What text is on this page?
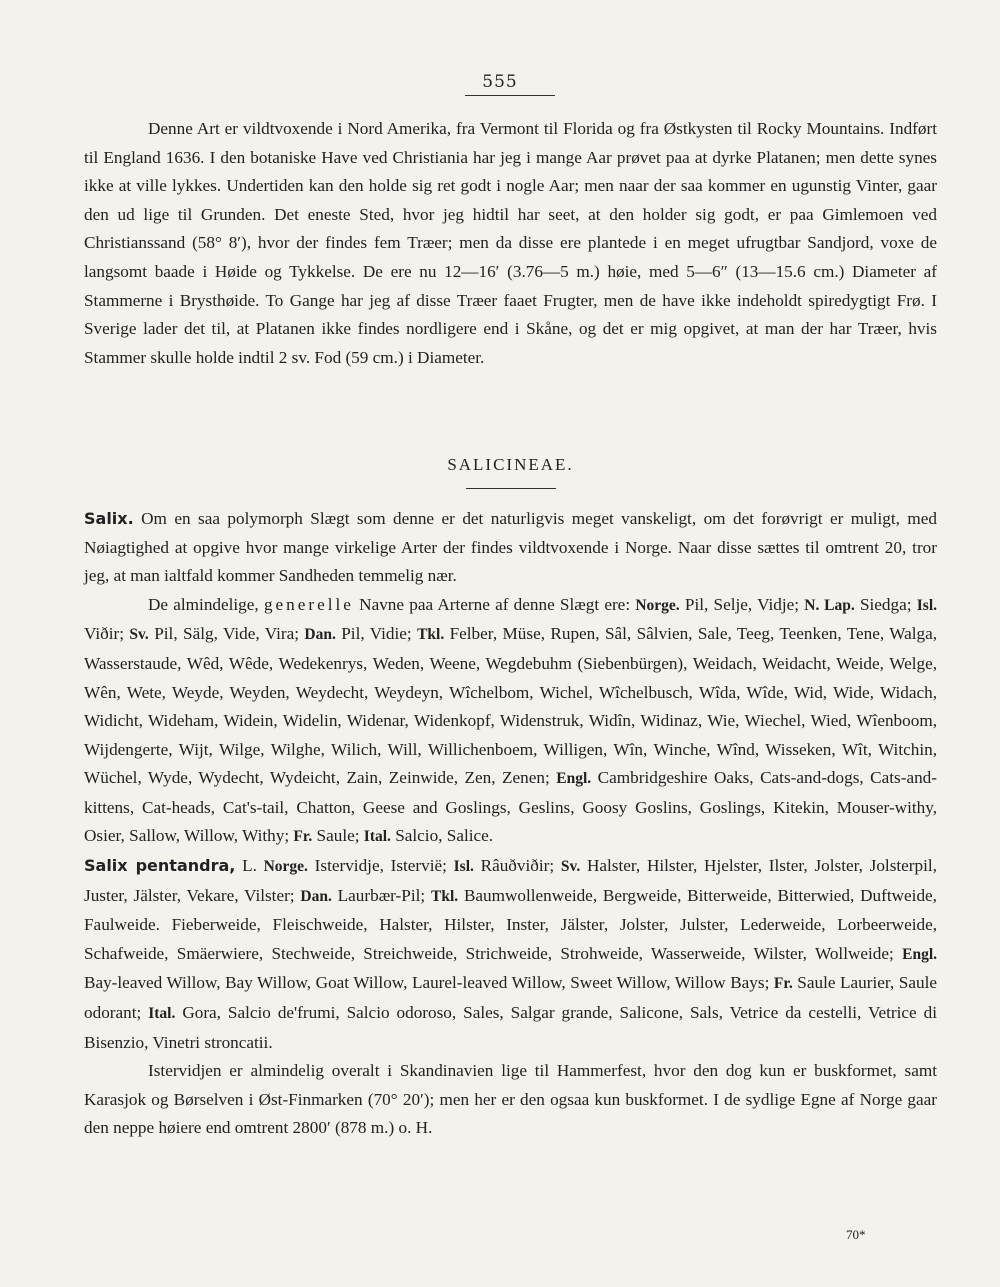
555

Denne Art er vildtvoxende i Nord Amerika, fra Vermont til Florida og fra Østkysten til Rocky Mountains. Indført til England 1636. I den botaniske Have ved Christiania har jeg i mange Aar prøvet paa at dyrke Platanen; men dette synes ikke at ville lykkes. Undertiden kan den holde sig ret godt i nogle Aar; men naar der saa kommer en ugunstig Vinter, gaar den ud lige til Grunden. Det eneste Sted, hvor jeg hidtil har seet, at den holder sig godt, er paa Gimlemoen ved Christianssand (58° 8′), hvor der findes fem Træer; men da disse ere plantede i en meget ufrugtbar Sandjord, voxe de langsomt baade i Høide og Tykkelse. De ere nu 12—16′ (3.76—5 m.) høie, med 5—6″ (13—15.6 cm.) Diameter af Stammerne i Brysthøide. To Gange har jeg af disse Træer faaet Frugter, men de have ikke indeholdt spiredygtigt Frø. I Sverige lader det til, at Platanen ikke findes nordligere end i Skåne, og det er mig opgivet, at man der har Træer, hvis Stammer skulle holde indtil 2 sv. Fod (59 cm.) i Diameter.

SALICINEAE.

Salix. Om en saa polymorph Slægt som denne er det naturligvis meget vanskeligt, om det forøvrigt er muligt, med Nøiagtighed at opgive hvor mange virkelige Arter der findes vildtvoxende i Norge. Naar disse sættes til omtrent 20, tror jeg, at man ialtfald kommer Sandheden temmelig nær.

De almindelige, generelle Navne paa Arterne af denne Slægt ere: Norge. Pil, Selje, Vidje; N. Lap. Siedga; Isl. Viðir; Sv. Pil, Sälg, Vide, Vira; Dan. Pil, Vidie; Tkl. Felber, Müse, Rupen, Sâl, Sâlvien, Sale, Teeg, Teenken, Tene, Walga, Wasserstaude, Wêd, Wêde, Wedekenrys, Weden, Weene, Wegdebuhm (Siebenbürgen), Weidach, Weidacht, Weide, Welge, Wên, Wete, Weyde, Weyden, Weydecht, Weydeyn, Wîchelbom, Wichel, Wîchelbusch, Wîda, Wîde, Wid, Wide, Widach, Widicht, Wideham, Widein, Widelin, Widenar, Widenkopf, Widenstruk, Widîn, Widinaz, Wie, Wiechel, Wied, Wîenboom, Wijdengerte, Wijt, Wilge, Wilghe, Wilich, Will, Willichenboem, Willigen, Wîn, Winche, Wînd, Wisseken, Wît, Witchin, Wüchel, Wyde, Wydecht, Wydeicht, Zain, Zeinwide, Zen, Zenen; Engl. Cambridgeshire Oaks, Cats-and-dogs, Cats-and-kittens, Cat-heads, Cat's-tail, Chatton, Geese and Goslings, Geslins, Goosy Goslins, Goslings, Kitekin, Mouser-withy, Osier, Sallow, Willow, Withy; Fr. Saule; Ital. Salcio, Salice.

Salix pentandra, L. Norge. Istervidje, Istervië; Isl. Râuðviðir; Sv. Halster, Hilster, Hjelster, Ilster, Jolster, Jolsterpil, Juster, Jälster, Vekare, Vilster; Dan. Laurbær-Pil; Tkl. Baumwollenweide, Bergweide, Bitterweide, Bitterwied, Duftweide, Faulweide. Fieberweide, Fleischweide, Halster, Hilster, Inster, Jälster, Jolster, Julster, Lederweide, Lorbeerweide, Schafweide, Smäerwiere, Stechweide, Streichweide, Strichweide, Strohweide, Wasserweide, Wilster, Wollweide; Engl. Bay-leaved Willow, Bay Willow, Goat Willow, Laurel-leaved Willow, Sweet Willow, Willow Bays; Fr. Saule Laurier, Saule odorant; Ital. Gora, Salcio de'frumi, Salcio odoroso, Sales, Salgar grande, Salicone, Sals, Vetrice da cestelli, Vetrice di Bisenzio, Vinetri stroncatii.

Istervidjen er almindelig overalt i Skandinavien lige til Hammerfest, hvor den dog kun er buskformet, samt Karasjok og Børselven i Øst-Finmarken (70° 20′); men her er den ogsaa kun buskformet. I de sydlige Egne af Norge gaar den neppe høiere end omtrent 2800′ (878 m.) o. H.

70*
